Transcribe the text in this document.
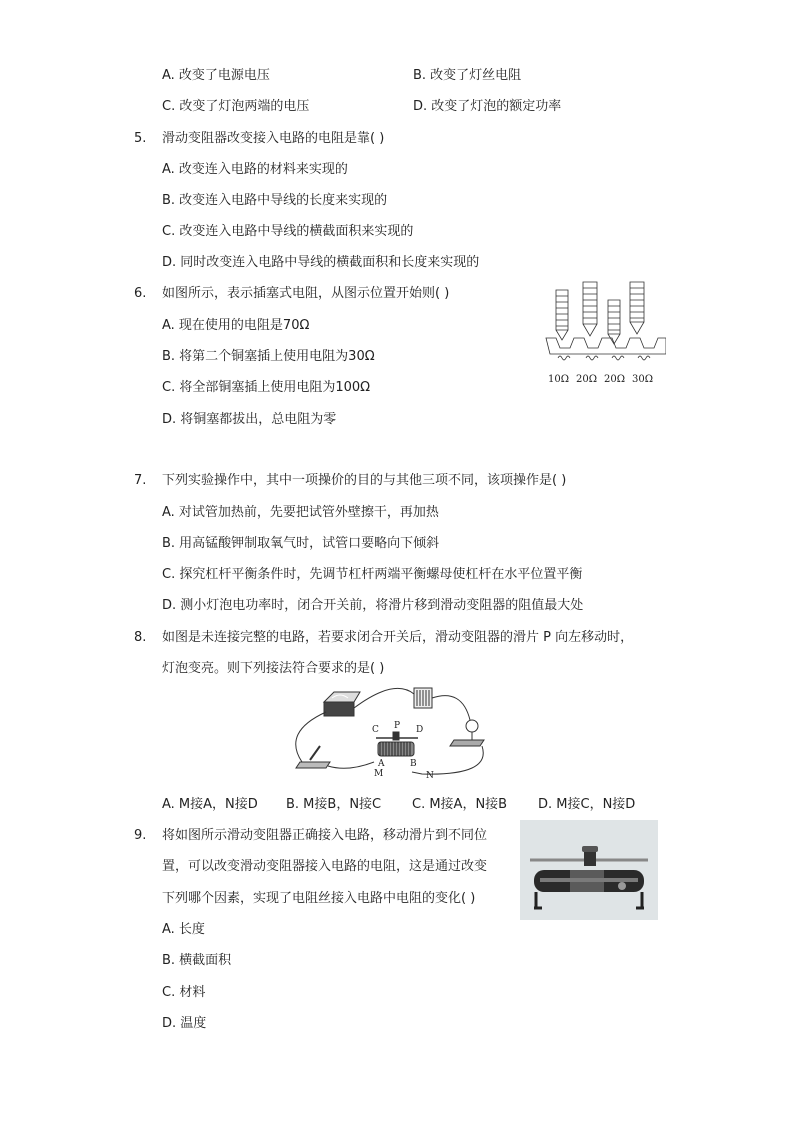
A. 改变了电源电压	B. 改变了灯丝电阻
C. 改变了灯泡两端的电压	D. 改变了灯泡的额定功率
5. 滑动变阻器改变接入电路的电阻是靠( )
A. 改变连入电路的材料来实现的
B. 改变连入电路中导线的长度来实现的
C. 改变连入电路中导线的横截面积来实现的
D. 同时改变连入电路中导线的横截面积和长度来实现的
6. 如图所示，表示插塞式电阻，从图示位置开始则( )
A. 现在使用的电阻是70Ω
B. 将第二个铜塞插上使用电阻为30Ω
C. 将全部铜塞插上使用电阻为100Ω
D. 将铜塞都拔出，总电阻为零
10Ω 20Ω 20Ω 30Ω
7. 下列实验操作中，其中一项操价的目的与其他三项不同，该项操作是( )
A. 对试管加热前，先要把试管外壁擦干，再加热
B. 用高锰酸钾制取氧气时，试管口要略向下倾斜
C. 探究杠杆平衡条件时，先调节杠杆两端平衡螺母使杠杆在水平位置平衡
D. 测小灯泡电功率时，闭合开关前，将滑片移到滑动变阻器的阻值最大处
8. 如图是未连接完整的电路，若要求闭合开关后，滑动变阻器的滑片 P 向左移动时，
灯泡变亮。则下列接法符合要求的是( )
C P D
A	B
M	N
A. M接A，N接D B. M接B，N接C C. M接A，N接B D. M接C，N接D
9. 将如图所示滑动变阻器正确接入电路，移动滑片到不同位
置，可以改变滑动变阻器接入电路的电阻，这是通过改变
下列哪个因素，实现了电阻丝接入电路中电阻的变化( )
A. 长度
B. 横截面积
C. 材料
D. 温度
